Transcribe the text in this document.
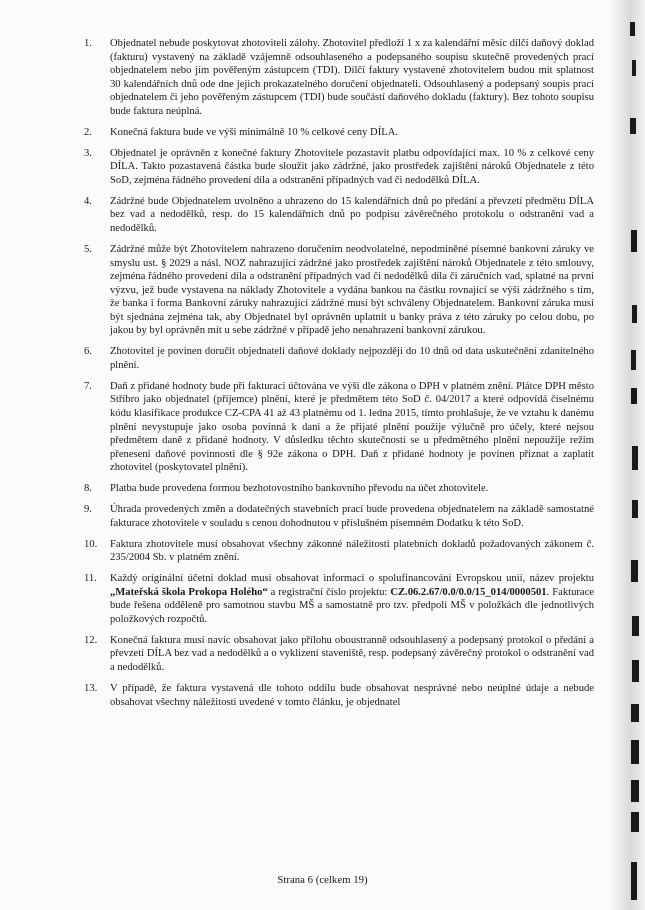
1.	Objednatel nebude poskytovat zhotoviteli zálohy. Zhotovitel předloží 1 x za kalendářní měsíc dílčí daňový doklad (fakturu) vystavený na základě vzájemně odsouhlaseného a podepsaného soupisu skutečně provedených prací objednatelem nebo jím pověřeným zástupcem (TDI). Dílčí faktury vystavené zhotovitelem budou mít splatnost 30 kalendářních dnů ode dne jejich prokazatelného doručení objednateli. Odsouhlasený a podepsaný soupis prací objednatelem či jeho pověřeným zástupcem (TDI) bude součástí daňového dokladu (faktury). Bez tohoto soupisu bude faktura neúplná.
2.	Konečná faktura bude ve výši minimálně 10 % celkové ceny DÍLA.
3.	Objednatel je oprávněn z konečné faktury Zhotovitele pozastavit platbu odpovídající max. 10 % z celkové ceny DÍLA. Takto pozastavená částka bude sloužit jako zádržné, jako prostředek zajištění nároků Objednatele z této SoD, zejména řádného provedení díla a odstranění případných vad či nedodělků DÍLA.
4.	Zádržné bude Objednatelem uvolněno a uhrazeno do 15 kalendářních dnů po předání a převzetí předmětu DÍLA bez vad a nedodělků, resp. do 15 kalendářních dnů po podpisu závěrečného protokolu o odstranění vad a nedodělků.
5.	Zádržné může být Zhotovitelem nahrazeno doručením neodvolatelné, nepodmíněné písemné bankovní záruky ve smyslu ust. § 2029 a násl. NOZ nahrazující zádržné jako prostředek zajištění nároků Objednatele z této smlouvy, zejména řádného provedení díla a odstranění případných vad či nedodělků díla či záručních vad, splatné na první výzvu, jež bude vystavena na náklady Zhotovitele a vydána bankou na částku rovnající se výši zádržného s tím, že banka i forma Bankovní záruky nahrazující zádržné musí být schváleny Objednatelem. Bankovní záruka musí být sjednána zejména tak, aby Objednatel byl oprávněn uplatnit u banky práva z této záruky po celou dobu, po jakou by byl oprávněn mít u sebe zádržné v případě jeho nenahrazení bankovní zárukou.
6.	Zhotovitel je povinen doručit objednateli daňové doklady nejpozději do 10 dnů od data uskutečnění zdanitelného plnění.
7.	Daň z přidané hodnoty bude při fakturaci účtována ve výši dle zákona o DPH v platném znění. Plátce DPH město Stříbro jako objednatel (příjemce) plnění, které je předmětem této SoD č. 04/2017 a které odpovídá číselnému kódu klasifikace produkce CZ-CPA 41 až 43 platnému od 1. ledna 2015, tímto prohlašuje, že ve vztahu k danému plnění nevystupuje jako osoba povinná k dani a že přijaté plnění použije výlučně pro účely, které nejsou předmětem daně z přidané hodnoty. V důsledku těchto skutečností se u předmětného plnění nepoužije režim přenesení daňové povinnosti dle § 92e zákona o DPH. Daň z přidané hodnoty je povinen přiznat a zaplatit zhotovitel (poskytovatel plnění).
8.	Platba bude provedena formou bezhotovostního bankovního převodu na účet zhotovitele.
9.	Úhrada provedených změn a dodatečných stavebních prací bude provedena objednatelem na základě samostatné fakturace zhotovitele v souladu s cenou dohodnutou v příslušném písemném Dodatku k této SoD.
10.	Faktura zhotovitele musí obsahovat všechny zákonné náležitosti platebních dokladů požadovaných zákonem č. 235/2004 Sb. v platném znění.
11.	Každý originální účetní doklad musí obsahovat informaci o spolufinancování Evropskou unií, název projektu „Mateřská škola Prokopa Holého“ a registrační číslo projektu: CZ.06.2.67/0.0/0.0/15_014/0000501. Fakturace bude řešena odděleně pro samotnou stavbu MŠ a samostatně pro tzv. předpolí MŠ v položkách dle jednotlivých položkových rozpočtů.
12.	Konečná faktura musí navíc obsahovat jako přílohu oboustranně odsouhlasený a podepsaný protokol o předání a převzetí DÍLA bez vad a nedodělků a o vyklizení staveniště, resp. podepsaný závěrečný protokol o odstranění vad a nedodělků.
13.	V případě, že faktura vystavená dle tohoto oddílu bude obsahovat nesprávné nebo neúplné údaje a nebude obsahovat všechny náležitosti uvedené v tomto článku, je objednatel
Strana 6 (celkem 19)
